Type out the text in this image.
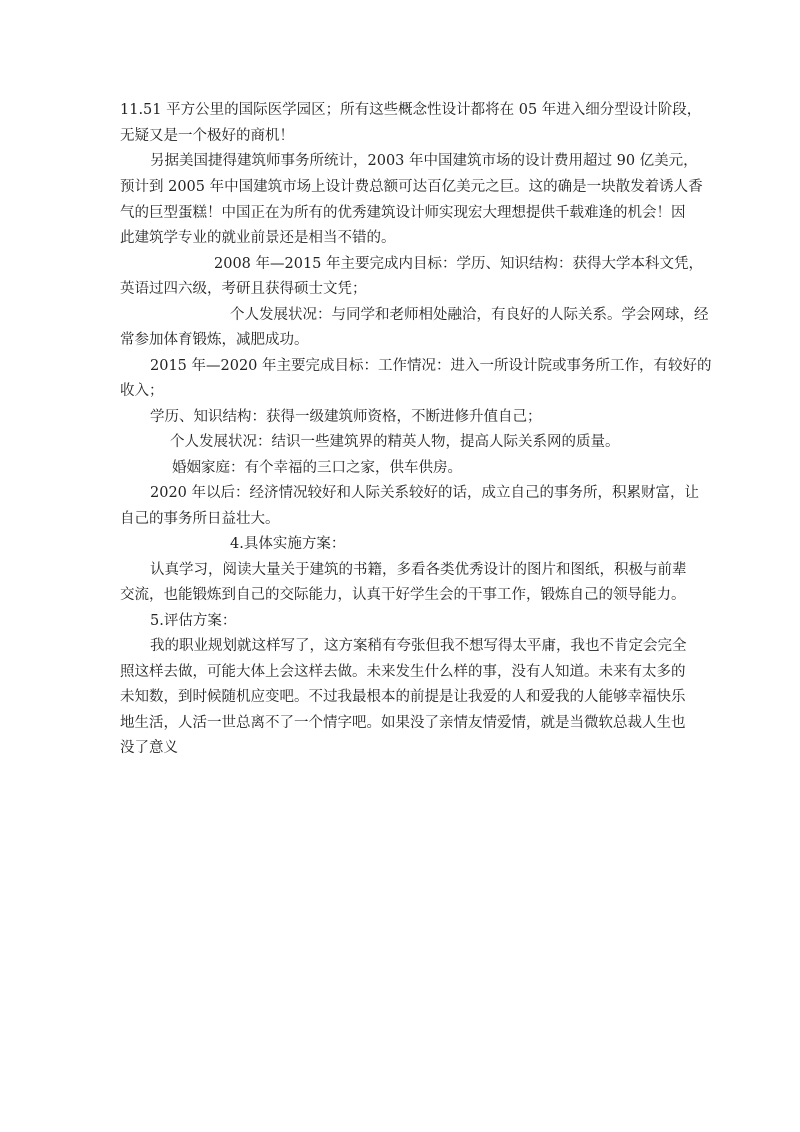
11.51 平方公里的国际医学园区；所有这些概念性设计都将在 05 年进入细分型设计阶段，

无疑又是一个极好的商机！

另据美国捷得建筑师事务所统计，2003 年中国建筑市场的设计费用超过 90 亿美元，

预计到 2005 年中国建筑市场上设计费总额可达百亿美元之巨。这的确是一块散发着诱人香

气的巨型蛋糕！中国正在为所有的优秀建筑设计师实现宏大理想提供千载难逢的机会！因

此建筑学专业的就业前景还是相当不错的。

2008 年—2015 年主要完成内目标：学历、知识结构：获得大学本科文凭，

英语过四六级，考研且获得硕士文凭；

个人发展状况：与同学和老师相处融洽，有良好的人际关系。学会网球，经

常参加体育锻炼，减肥成功。

2015 年—2020 年主要完成目标：工作情况：进入一所设计院或事务所工作，有较好的

收入；

学历、知识结构：获得一级建筑师资格，不断进修升值自己；

个人发展状况：结识一些建筑界的精英人物，提高人际关系网的质量。

婚姻家庭：有个幸福的三口之家，供车供房。

2020 年以后：经济情况较好和人际关系较好的话，成立自己的事务所，积累财富，让

自己的事务所日益壮大。

4.具体实施方案：

认真学习，阅读大量关于建筑的书籍，多看各类优秀设计的图片和图纸，积极与前辈

交流，也能锻炼到自己的交际能力，认真干好学生会的干事工作，锻炼自己的领导能力。

5.评估方案：

我的职业规划就这样写了，这方案稍有夸张但我不想写得太平庸，我也不肯定会完全

照这样去做，可能大体上会这样去做。未来发生什么样的事，没有人知道。未来有太多的

未知数，到时候随机应变吧。不过我最根本的前提是让我爱的人和爱我的人能够幸福快乐

地生活，人活一世总离不了一个情字吧。如果没了亲情友情爱情，就是当微软总裁人生也

没了意义
